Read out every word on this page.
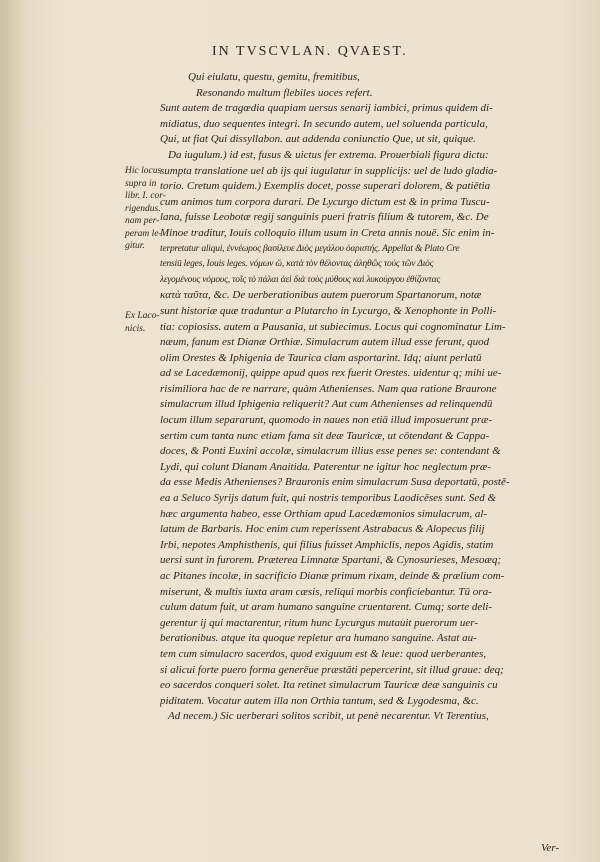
IN TVSCVLAN. QVAEST.
Qui eiulatu, questu, gemitu, fremitibus,
Resonando multum flebiles uoces refert.
Sunt autem de tragœdia quapiam uersus senarij iambici, primus quidem di-
midiatus, duo sequentes integri. In secundo autem, uel soluenda particula,
Qui, ut fiat Qui dissyllabon. aut addenda coniunctio Que, ut sit, quique.
Da iugulum.) id est, fusus & uictus fer extrema. Prouerbiali figura dictu:
sumpta translatione uel ab ijs qui iugulatur in supplicijs: uel de ludo gladia-
torio. Cretum quidem.) Exemplis docet, posse superari dolorem, & patiētia
cum animos tum corpora durari. De Lycurgo dictum est & in prima Tuscu-
lana, fuisse Leobotæ regij sanguinis pueri fratris filium & tutorem, &c. De
Minoe traditur, Iouis colloquio illum usum in Creta annis nouē. Sic enim in-
terpretatur aliqui, ἐννέωρος βασίλευε Διὸς μεγάλου ὀαριστής. Appellat & Plato Cre
tensiū leges, Iouis leges. νόμων ὥ, κατὰ τὸν θέλοντας ἀληθῶς τοὺς τῶν Διὸς
λεγομένους νόμους, τοῖς τὸ πάλαι ἀεὶ διὰ τοὺς μύθους καὶ λυκούργου ἐθίζοντας
κατὰ ταῦτα, &c. De uerberationibus autem puerorum Spartanorum, notæ
sunt historiæ quæ traduntur a Plutarcho in Lycurgo, & Xenophonte in Polli-
tia: copiosiss. autem a Pausania, ut subiecimus. Locus qui cognominatur Lim-
næum, fanum est Dianæ Orthiæ. Simulacrum autem illud esse ferunt, quod
olim Orestes & Iphigenia de Taurica clam asportarint. Idq; aiunt perlatū
ad se Lacedæmonij, quippe apud quos rex fuerit Orestes. uidentur q; mihi ue-
risimiliora hac de re narrare, quàm Athenienses. Nam qua ratione Braurone
simulacrum illud Iphigenia reliquerit? Aut cum Athenienses ad relinquendū
locum illum separarunt, quomodo in naues non etiā illud imposuerunt præ-
sertim cum tanta nunc etiam fama sit deæ Tauricæ, ut cōtendant & Cappa-
doces, & Ponti Euxini accolæ, simulacrum illius esse penes se: contendant &
Lydi, qui colunt Dianam Anaitida. Paterentur ne igitur hoc neglectum præ-
da esse Medis Athenienses? Brauronis enim simulacrum Susa deportatū, postē-
ea a Seluco Syrijs datum fuit, qui nostris temporibus Laodicēses sunt. Sed &
hæc argumenta habeo, esse Orthiam apud Lacedæmonios simulacrum, al-
latum de Barbaris. Hoc enim cum reperissent Astrabacus & Alopecus filij
Irbi, nepotes Amphisthenis, qui filius fuisset Amphiclis, nepos Agidis, statim
uersi sunt in furorem. Præterea Limnatæ Spartani, & Cynosurieses, Mesoæq;
ac Pitanes incolæ, in sacrificio Dianæ primum rixam, deinde & prælium com-
miserunt, & multis iuxta aram cæsis, reliqui morbis conficiebantur. Tū ora-
culum datum fuit, ut aram humano sanguine cruentarent. Cumq; sorte deli-
gerentur ij qui mactarentur, ritum hunc Lycurgus mutauit puerorum uer-
berationibus. atque ita quoque repletur ara humano sanguine. Astat au-
tem cum simulacro sacerdos, quod exiguum est & leue: quod uerberantes,
si alicui forte puero forma generēue præstāti pepercerint, sit illud graue: deq;
eo sacerdos conqueri solet. Ita retinet simulacrum Tauricæ deæ sanguinis cu
piditatem. Vocatur autem illa non Orthia tantum, sed & Lygodesma, &c.
Ad necem.) Sic uerberari solitos scribit, ut penè necarentur. Vt Terentius,
Hic locus
supra in
libr. I. cor-
rigendus.
nam per-
peram le-
gitur.
Ex Laco-
nicis.
Ver-
